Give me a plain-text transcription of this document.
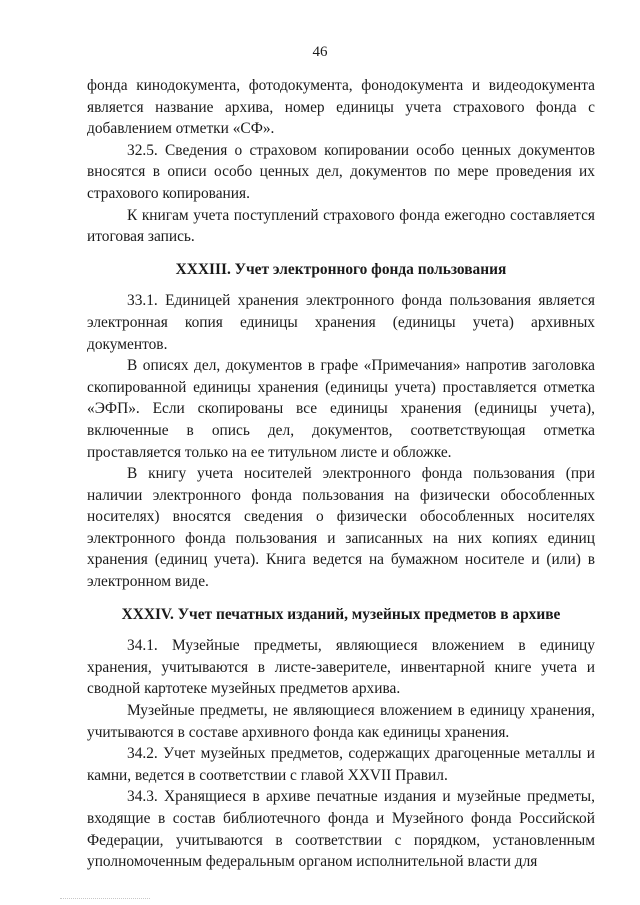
46

фонда кинодокумента, фотодокумента, фонодокумента и видеодокумента является название архива, номер единицы учета страхового фонда с добавлением отметки «СФ».

32.5. Сведения о страховом копировании особо ценных документов вносятся в описи особо ценных дел, документов по мере проведения их страхового копирования.

К книгам учета поступлений страхового фонда ежегодно составляется итоговая запись.

XXXIII. Учет электронного фонда пользования

33.1. Единицей хранения электронного фонда пользования является электронная копия единицы хранения (единицы учета) архивных документов.

В описях дел, документов в графе «Примечания» напротив заголовка скопированной единицы хранения (единицы учета) проставляется отметка «ЭФП». Если скопированы все единицы хранения (единицы учета), включенные в опись дел, документов, соответствующая отметка проставляется только на ее титульном листе и обложке.

В книгу учета носителей электронного фонда пользования (при наличии электронного фонда пользования на физически обособленных носителях) вносятся сведения о физически обособленных носителях электронного фонда пользования и записанных на них копиях единиц хранения (единиц учета). Книга ведется на бумажном носителе и (или) в электронном виде.

XXXIV. Учет печатных изданий, музейных предметов в архиве

34.1. Музейные предметы, являющиеся вложением в единицу хранения, учитываются в листе-заверителе, инвентарной книге учета и сводной картотеке музейных предметов архива.

Музейные предметы, не являющиеся вложением в единицу хранения, учитываются в составе архивного фонда как единицы хранения.

34.2. Учет музейных предметов, содержащих драгоценные металлы и камни, ведется в соответствии с главой XXVII Правил.

34.3. Хранящиеся в архиве печатные издания и музейные предметы, входящие в состав библиотечного фонда и Музейного фонда Российской Федерации, учитываются в соответствии с порядком, установленным уполномоченным федеральным органом исполнительной власти для
